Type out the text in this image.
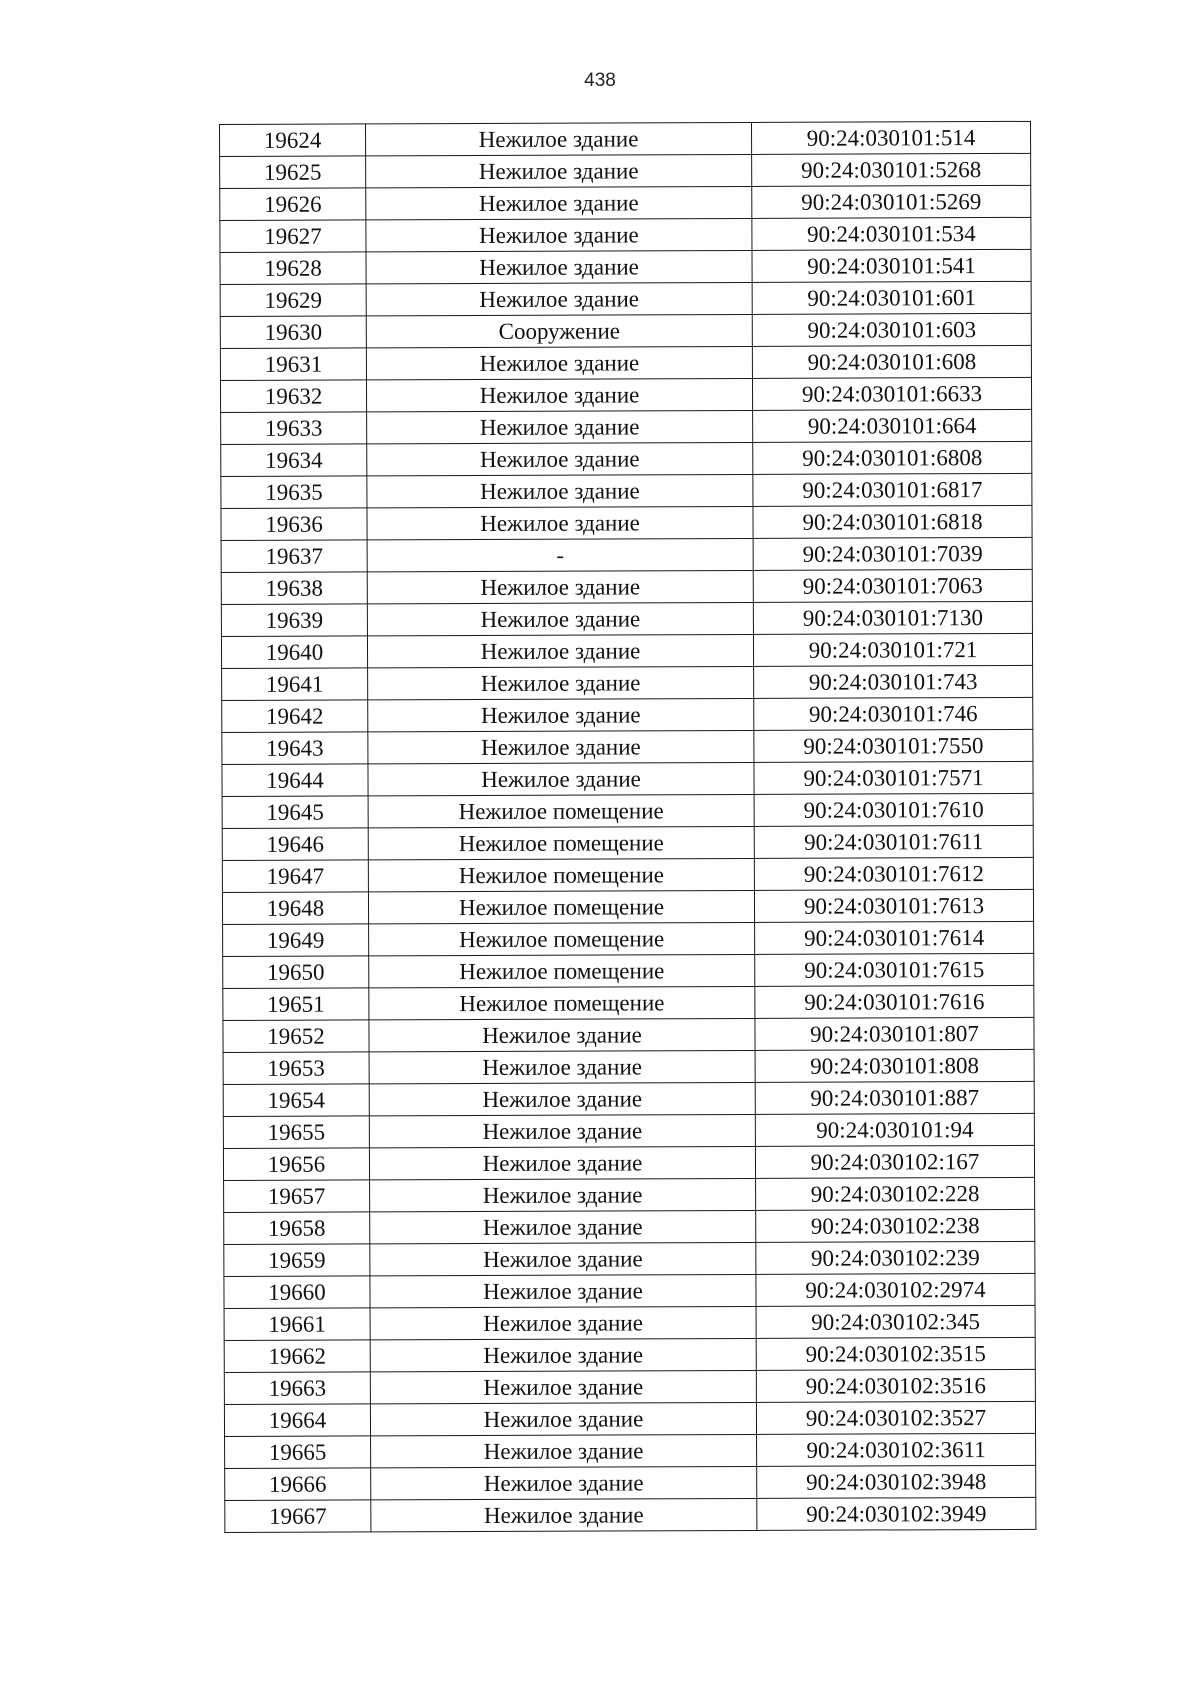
438
19624	Нежилое здание	90:24:030101:514
19625	Нежилое здание	90:24:030101:5268
19626	Нежилое здание	90:24:030101:5269
19627	Нежилое здание	90:24:030101:534
19628	Нежилое здание	90:24:030101:541
19629	Нежилое здание	90:24:030101:601
19630	Сооружение	90:24:030101:603
19631	Нежилое здание	90:24:030101:608
19632	Нежилое здание	90:24:030101:6633
19633	Нежилое здание	90:24:030101:664
19634	Нежилое здание	90:24:030101:6808
19635	Нежилое здание	90:24:030101:6817
19636	Нежилое здание	90:24:030101:6818
19637	-	90:24:030101:7039
19638	Нежилое здание	90:24:030101:7063
19639	Нежилое здание	90:24:030101:7130
19640	Нежилое здание	90:24:030101:721
19641	Нежилое здание	90:24:030101:743
19642	Нежилое здание	90:24:030101:746
19643	Нежилое здание	90:24:030101:7550
19644	Нежилое здание	90:24:030101:7571
19645	Нежилое помещение	90:24:030101:7610
19646	Нежилое помещение	90:24:030101:7611
19647	Нежилое помещение	90:24:030101:7612
19648	Нежилое помещение	90:24:030101:7613
19649	Нежилое помещение	90:24:030101:7614
19650	Нежилое помещение	90:24:030101:7615
19651	Нежилое помещение	90:24:030101:7616
19652	Нежилое здание	90:24:030101:807
19653	Нежилое здание	90:24:030101:808
19654	Нежилое здание	90:24:030101:887
19655	Нежилое здание	90:24:030101:94
19656	Нежилое здание	90:24:030102:167
19657	Нежилое здание	90:24:030102:228
19658	Нежилое здание	90:24:030102:238
19659	Нежилое здание	90:24:030102:239
19660	Нежилое здание	90:24:030102:2974
19661	Нежилое здание	90:24:030102:345
19662	Нежилое здание	90:24:030102:3515
19663	Нежилое здание	90:24:030102:3516
19664	Нежилое здание	90:24:030102:3527
19665	Нежилое здание	90:24:030102:3611
19666	Нежилое здание	90:24:030102:3948
19667	Нежилое здание	90:24:030102:3949
